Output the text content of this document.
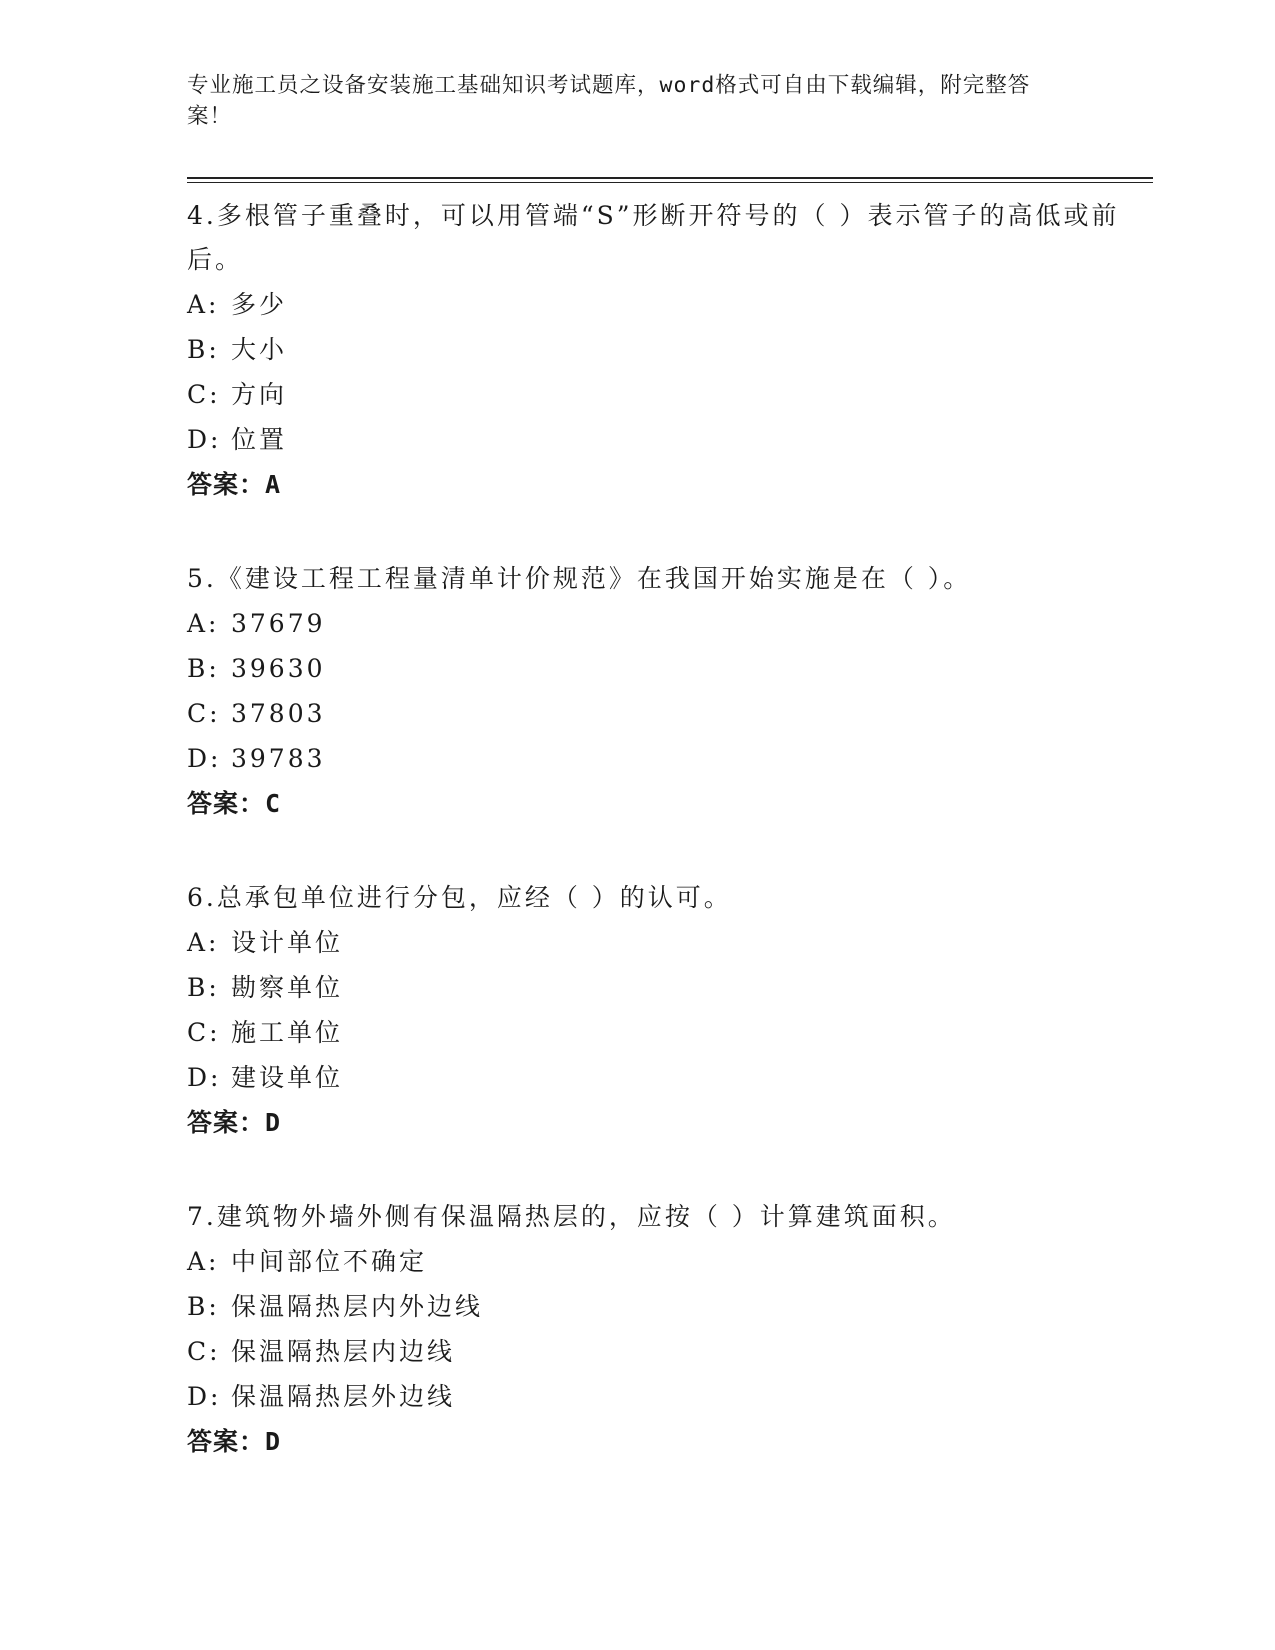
专业施工员之设备安装施工基础知识考试题库，word格式可自由下载编辑，附完整答案！

4.多根管子重叠时，可以用管端“S”形断开符号的（ ）表示管子的高低或前后。

A: 多少
B: 大小
C: 方向
D: 位置
答案：A

5.《建设工程工程量清单计价规范》在我国开始实施是在（ ）。

A: 37679
B: 39630
C: 37803
D: 39783
答案：C

6.总承包单位进行分包，应经（ ）的认可。

A: 设计单位
B: 勘察单位
C: 施工单位
D: 建设单位
答案：D

7.建筑物外墙外侧有保温隔热层的，应按（ ）计算建筑面积。

A: 中间部位不确定
B: 保温隔热层内外边线
C: 保温隔热层内边线
D: 保温隔热层外边线
答案：D
